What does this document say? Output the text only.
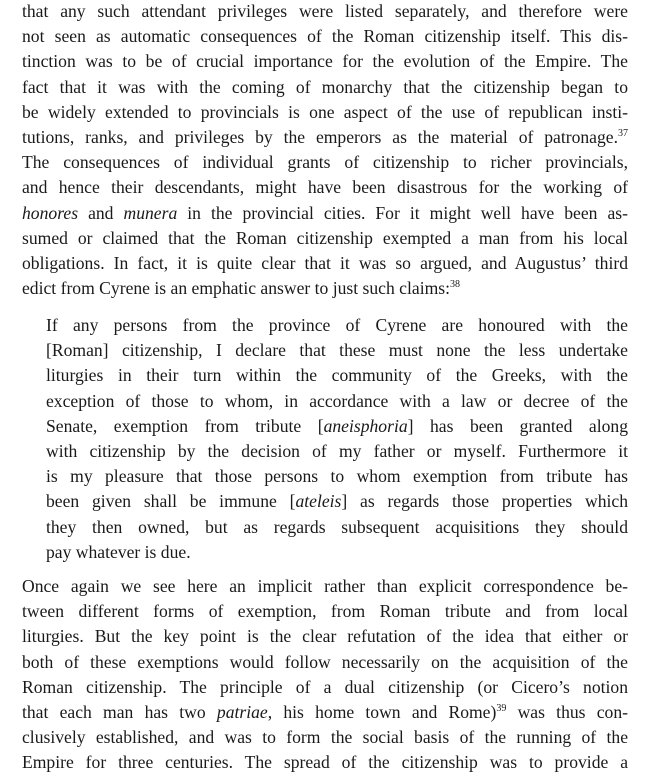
that any such attendant privileges were listed separately, and therefore were
not seen as automatic consequences of the Roman citizenship itself. This dis-
tinction was to be of crucial importance for the evolution of the Empire. The
fact that it was with the coming of monarchy that the citizenship began to
be widely extended to provincials is one aspect of the use of republican insti-
tutions, ranks, and privileges by the emperors as the material of patronage.$^{37}$
The consequences of individual grants of citizenship to richer provincials,
and hence their descendants, might have been disastrous for the working of
honores and munera in the provincial cities. For it might well have been as-
sumed or claimed that the Roman citizenship exempted a man from his local
obligations. In fact, it is quite clear that it was so argued, and Augustus’ third
edict from Cyrene is an emphatic answer to just such claims:$^{38}$
If any persons from the province of Cyrene are honoured with the
[Roman] citizenship, I declare that these must none the less undertake
liturgies in their turn within the community of the Greeks, with the
exception of those to whom, in accordance with a law or decree of the
Senate, exemption from tribute [aneisphoria] has been granted along
with citizenship by the decision of my father or myself. Furthermore it
is my pleasure that those persons to whom exemption from tribute has
been given shall be immune [ateleis] as regards those properties which
they then owned, but as regards subsequent acquisitions they should
pay whatever is due.
Once again we see here an implicit rather than explicit correspondence be-
tween different forms of exemption, from Roman tribute and from local
liturgies. But the key point is the clear refutation of the idea that either or
both of these exemptions would follow necessarily on the acquisition of the
Roman citizenship. The principle of a dual citizenship (or Cicero’s notion
that each man has two patriae, his home town and Rome)$^{39}$ was thus con-
clusively established, and was to form the social basis of the running of the
Empire for three centuries. The spread of the citizenship was to provide a
